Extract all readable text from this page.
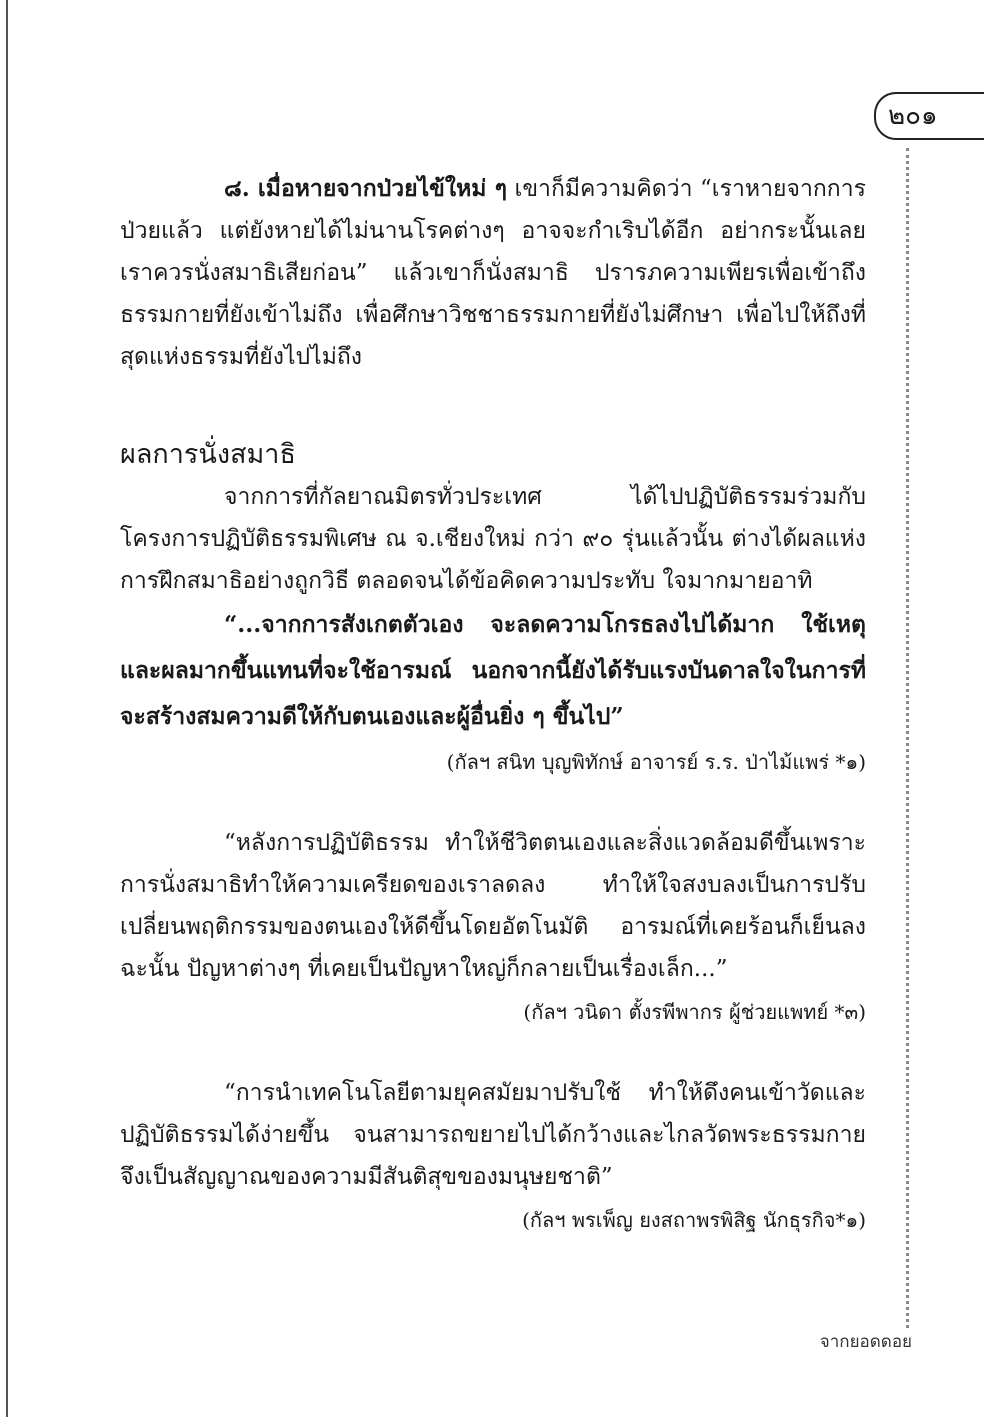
๒๐๑

๘. เมื่อหายจากป่วยไข้ใหม่ ๆ เขาก็มีความคิดว่า “เราหายจากการป่วยแล้ว แต่ยังหายได้ไม่นานโรคต่างๆ อาจจะกำเริบได้อีก อย่ากระนั้นเลย เราควรนั่งสมาธิเสียก่อน” แล้วเขาก็นั่งสมาธิ ปรารภความเพียรเพื่อเข้าถึงธรรมกายที่ยังเข้าไม่ถึง เพื่อศึกษาวิชชาธรรมกายที่ยังไม่ศึกษา เพื่อไปให้ถึงที่สุดแห่งธรรมที่ยังไปไม่ถึง

ผลการนั่งสมาธิ

จากการที่กัลยาณมิตรทั่วประเทศ ได้ไปปฏิบัติธรรมร่วมกับโครงการปฏิบัติธรรมพิเศษ ณ จ.เชียงใหม่ กว่า ๙๐ รุ่นแล้วนั้น ต่างได้ผลแห่งการฝึกสมาธิอย่างถูกวิธี ตลอดจนได้ข้อคิดความประทับ ใจมากมายอาทิ

“...จากการสังเกตตัวเอง จะลดความโกรธลงไปได้มาก ใช้เหตุและผลมากขึ้นแทนที่จะใช้อารมณ์ นอกจากนี้ยังได้รับแรงบันดาลใจในการที่จะสร้างสมความดีให้กับตนเองและผู้อื่นยิ่ง ๆ ขึ้นไป”

(กัลฯ สนิท บุญพิทักษ์ อาจารย์ ร.ร. ป่าไม้แพร่ *๑)

“หลังการปฏิบัติธรรม ทำให้ชีวิตตนเองและสิ่งแวดล้อมดีขึ้นเพราะการนั่งสมาธิทำให้ความเครียดของเราลดลง ทำให้ใจสงบลงเป็นการปรับเปลี่ยนพฤติกรรมของตนเองให้ดีขึ้นโดยอัตโนมัติ อารมณ์ที่เคยร้อนก็เย็นลง ฉะนั้น ปัญหาต่างๆ ที่เคยเป็นปัญหาใหญ่ก็กลายเป็นเรื่องเล็ก...”

(กัลฯ วนิดา ตั้งรพีพากร ผู้ช่วยแพทย์ *๓)

“การนำเทคโนโลยีตามยุคสมัยมาปรับใช้ ทำให้ดึงคนเข้าวัดและปฏิบัติธรรมได้ง่ายขึ้น จนสามารถขยายไปได้กว้างและไกลวัดพระธรรมกายจึงเป็นสัญญาณของความมีสันติสุขของมนุษยชาติ”

(กัลฯ พรเพ็ญ ยงสถาพรพิสิฐ นักธุรกิจ*๑)

จากยอดดอย
